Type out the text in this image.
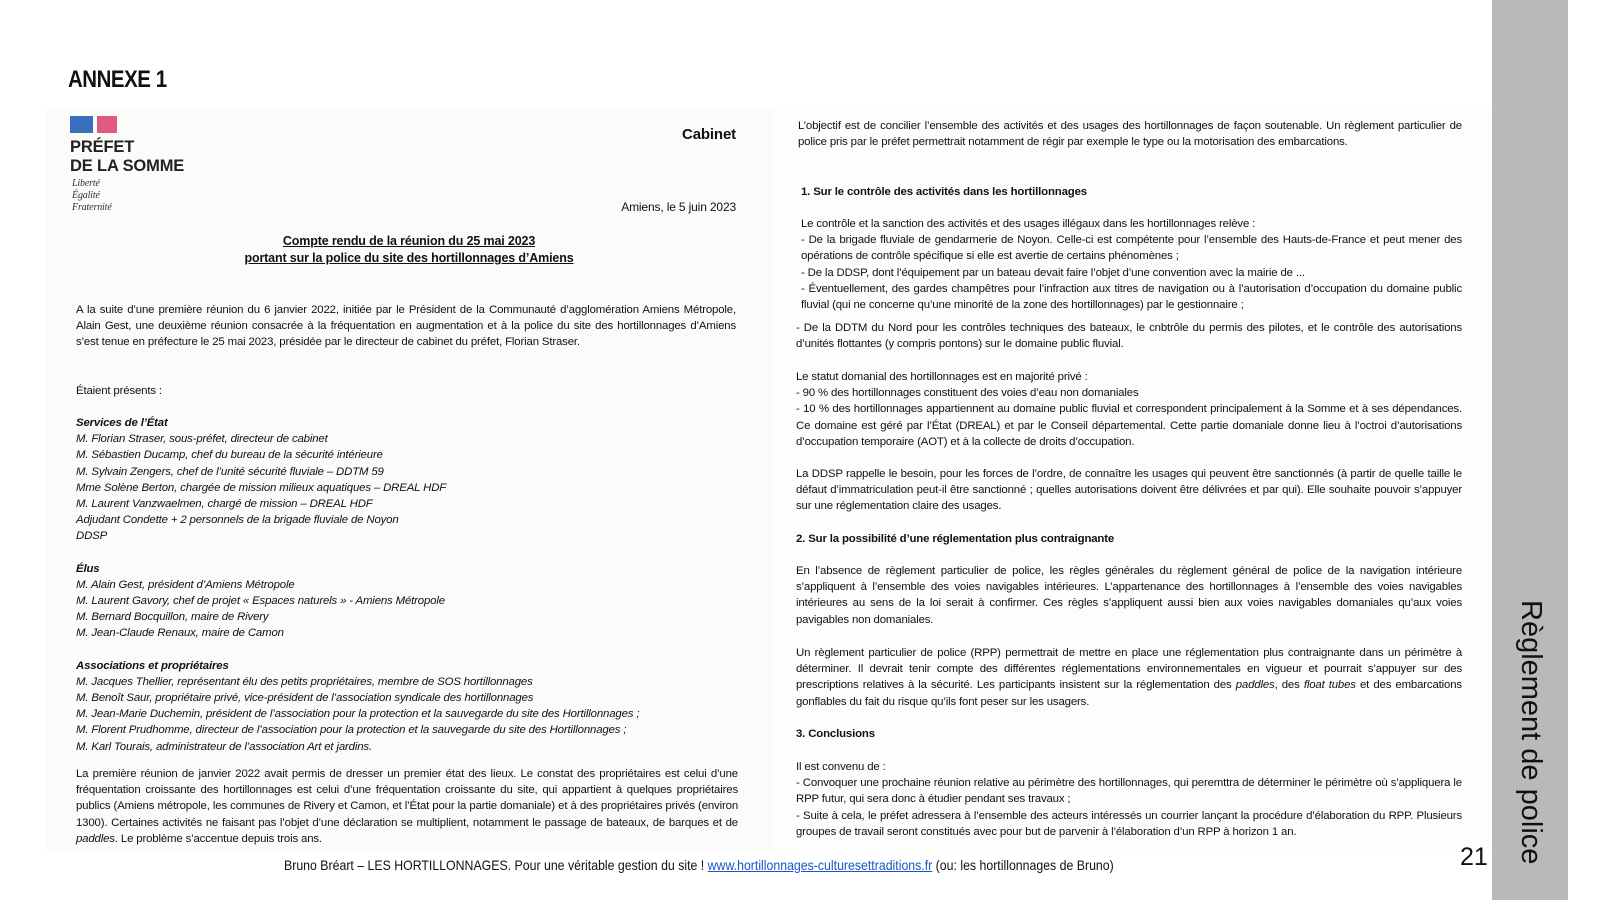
ANNEXE 1
Règlement de police
PRÉFET
DE LA SOMME
Liberté
Égalité
Fraternité
Cabinet
Amiens, le 5 juin 2023
Compte rendu de la réunion du 25 mai 2023
portant sur la police du site des hortillonnages d’Amiens

A la suite d’une première réunion du 6 janvier 2022, initiée par le Président de la Communauté d’agglomération Amiens Métropole, Alain Gest, une deuxième réunion consacrée à la fréquentation en augmentation et à la police du site des hortillonnages d’Amiens s’est tenue en préfecture le 25 mai 2023, présidée par le directeur de cabinet du préfet, Florian Straser.

Étaient présents :
Services de l’État
M. Florian Straser, sous-préfet, directeur de cabinet
M. Sébastien Ducamp, chef du bureau de la sécurité intérieure
M. Sylvain Zengers, chef de l’unité sécurité fluviale – DDTM 59
Mme Solène Berton, chargée de mission milieux aquatiques – DREAL HDF
M. Laurent Vanzwaelmen, chargé de mission – DREAL HDF
Adjudant Condette + 2 personnels de la brigade fluviale de Noyon
DDSP
Élus
M. Alain Gest, président d’Amiens Métropole
M. Laurent Gavory, chef de projet « Espaces naturels » - Amiens Métropole
M. Bernard Bocquillon, maire de Rivery
M. Jean-Claude Renaux, maire de Camon
Associations et propriétaires
M. Jacques Thellier, représentant élu des petits propriétaires, membre de SOS hortillonnages
M. Benoît Saur, propriétaire privé, vice-président de l’association syndicale des hortillonnages
M. Jean-Marie Duchemin, président de l’association pour la protection et la sauvegarde du site des Hortillonnages ;
M. Florent Prudhomme, directeur de l’association pour la protection et la sauvegarde du site des Hortillonnages ;
M. Karl Tourais, administrateur de l’association Art et jardins.

La première réunion de janvier 2022 avait permis de dresser un premier état des lieux. Le constat des propriétaires est celui d’une fréquentation croissante des hortillonnages est celui d’une fréquentation croissante du site, qui appartient à quelques propriétaires publics (Amiens métropole, les communes de Rivery et Camon, et l’État pour la partie domaniale) et à des propriétaires privés (environ 1300). Certaines activités ne faisant pas l’objet d’une déclaration se multiplient, notamment le passage de bateaux, de barques et de paddles. Le problème s’accentue depuis trois ans.

L’objectif est de concilier l’ensemble des activités et des usages des hortillonnages de façon soutenable. Un règlement particulier de police pris par le préfet permettrait notamment de régir par exemple le type ou la motorisation des embarcations.

1. Sur le contrôle des activités dans les hortillonnages

Le contrôle et la sanction des activités et des usages illégaux dans les hortillonnages relève :

- De la brigade fluviale de gendarmerie de Noyon. Celle-ci est compétente pour l’ensemble des Hauts-de-France et peut mener des opérations de contrôle spécifique si elle est avertie de certains phénomènes ;

- De la DDSP, dont l’équipement par un bateau devait faire l’objet d’une convention avec la mairie de ...

- Éventuellement, des gardes champêtres pour l’infraction aux titres de navigation ou à l’autorisation d’occupation du domaine public fluvial (qui ne concerne qu’une minorité de la zone des hortillonnages) par le gestionnaire ;

- De la DDTM du Nord pour les contrôles techniques des bateaux, le cnbtrôle du permis des pilotes, et le contrôle des autorisations d’unités flottantes (y compris pontons) sur le domaine public fluvial.

Le statut domanial des hortillonnages est en majorité privé :

- 90 % des hortillonnages constituent des voies d’eau non domaniales

- 10 % des hortillonnages appartiennent au domaine public fluvial et correspondent principalement à la Somme et à ses dépendances. Ce domaine est géré par l’État (DREAL) et par le Conseil départemental. Cette partie domaniale donne lieu à l’octroi d’autorisations d’occupation temporaire (AOT) et à la collecte de droits d’occupation.

La DDSP rappelle le besoin, pour les forces de l’ordre, de connaître les usages qui peuvent être sanctionnés (à partir de quelle taille le défaut d’immatriculation peut-il être sanctionné ; quelles autorisations doivent être délivrées et par qui). Elle souhaite pouvoir s’appuyer sur une réglementation claire des usages.

2. Sur la possibilité d’une réglementation plus contraignante

En l’absence de règlement particulier de police, les règles générales du règlement général de police de la navigation intérieure s’appliquent à l’ensemble des voies navigables intérieures. L’appartenance des hortillonnages à l’ensemble des voies navigables intérieures au sens de la loi serait à confirmer. Ces règles s’appliquent aussi bien aux voies navigables domaniales qu’aux voies pavigables non domaniales.

Un règlement particulier de police (RPP) permettrait de mettre en place une réglementation plus contraignante dans un périmètre à déterminer. Il devrait tenir compte des différentes réglementations environnementales en vigueur et pourrait s’appuyer sur des prescriptions relatives à la sécurité. Les participants insistent sur la réglementation des paddles, des float tubes et des embarcations gonflables du fait du risque qu’ils font peser sur les usagers.

3. Conclusions

Il est convenu de :

- Convoquer une prochaine réunion relative au périmètre des hortillonnages, qui peremttra de déterminer le périmètre où s’appliquera le RPP futur, qui sera donc à étudier pendant ses travaux ;

- Suite à cela, le préfet adressera à l’ensemble des acteurs intéressés un courrier lançant la procédure d’élaboration du RPP. Plusieurs groupes de travail seront constitués avec pour but de parvenir à l’élaboration d’un RPP à horizon 1 an.

Bruno Bréart – LES HORTILLONNAGES. Pour une véritable gestion du site ! www.hortillonnages-culturesettraditions.fr (ou: les hortillonnages de Bruno)	21
